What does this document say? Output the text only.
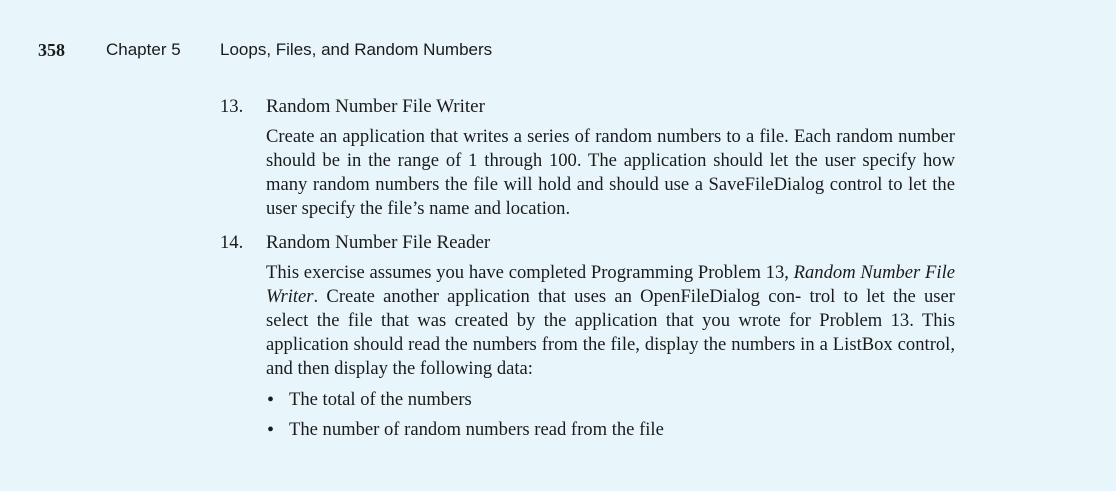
358 Chapter 5 Loops, Files, and Random Numbers
13. Random Number File Writer

Create an application that writes a series of random numbers to a file. Each random number should be in the range of 1 through 100. The application should let the user specify how many random numbers the file will hold and should use a SaveFileDialog control to let the user specify the file’s name and location.

14. Random Number File Reader

This exercise assumes you have completed Programming Problem 13, Random Number File Writer. Create another application that uses an OpenFileDialog con- trol to let the user select the file that was created by the application that you wrote for Problem 13. This application should read the numbers from the file, display the numbers in a ListBox control, and then display the following data:

• The total of the numbers
• The number of random numbers read from the file
